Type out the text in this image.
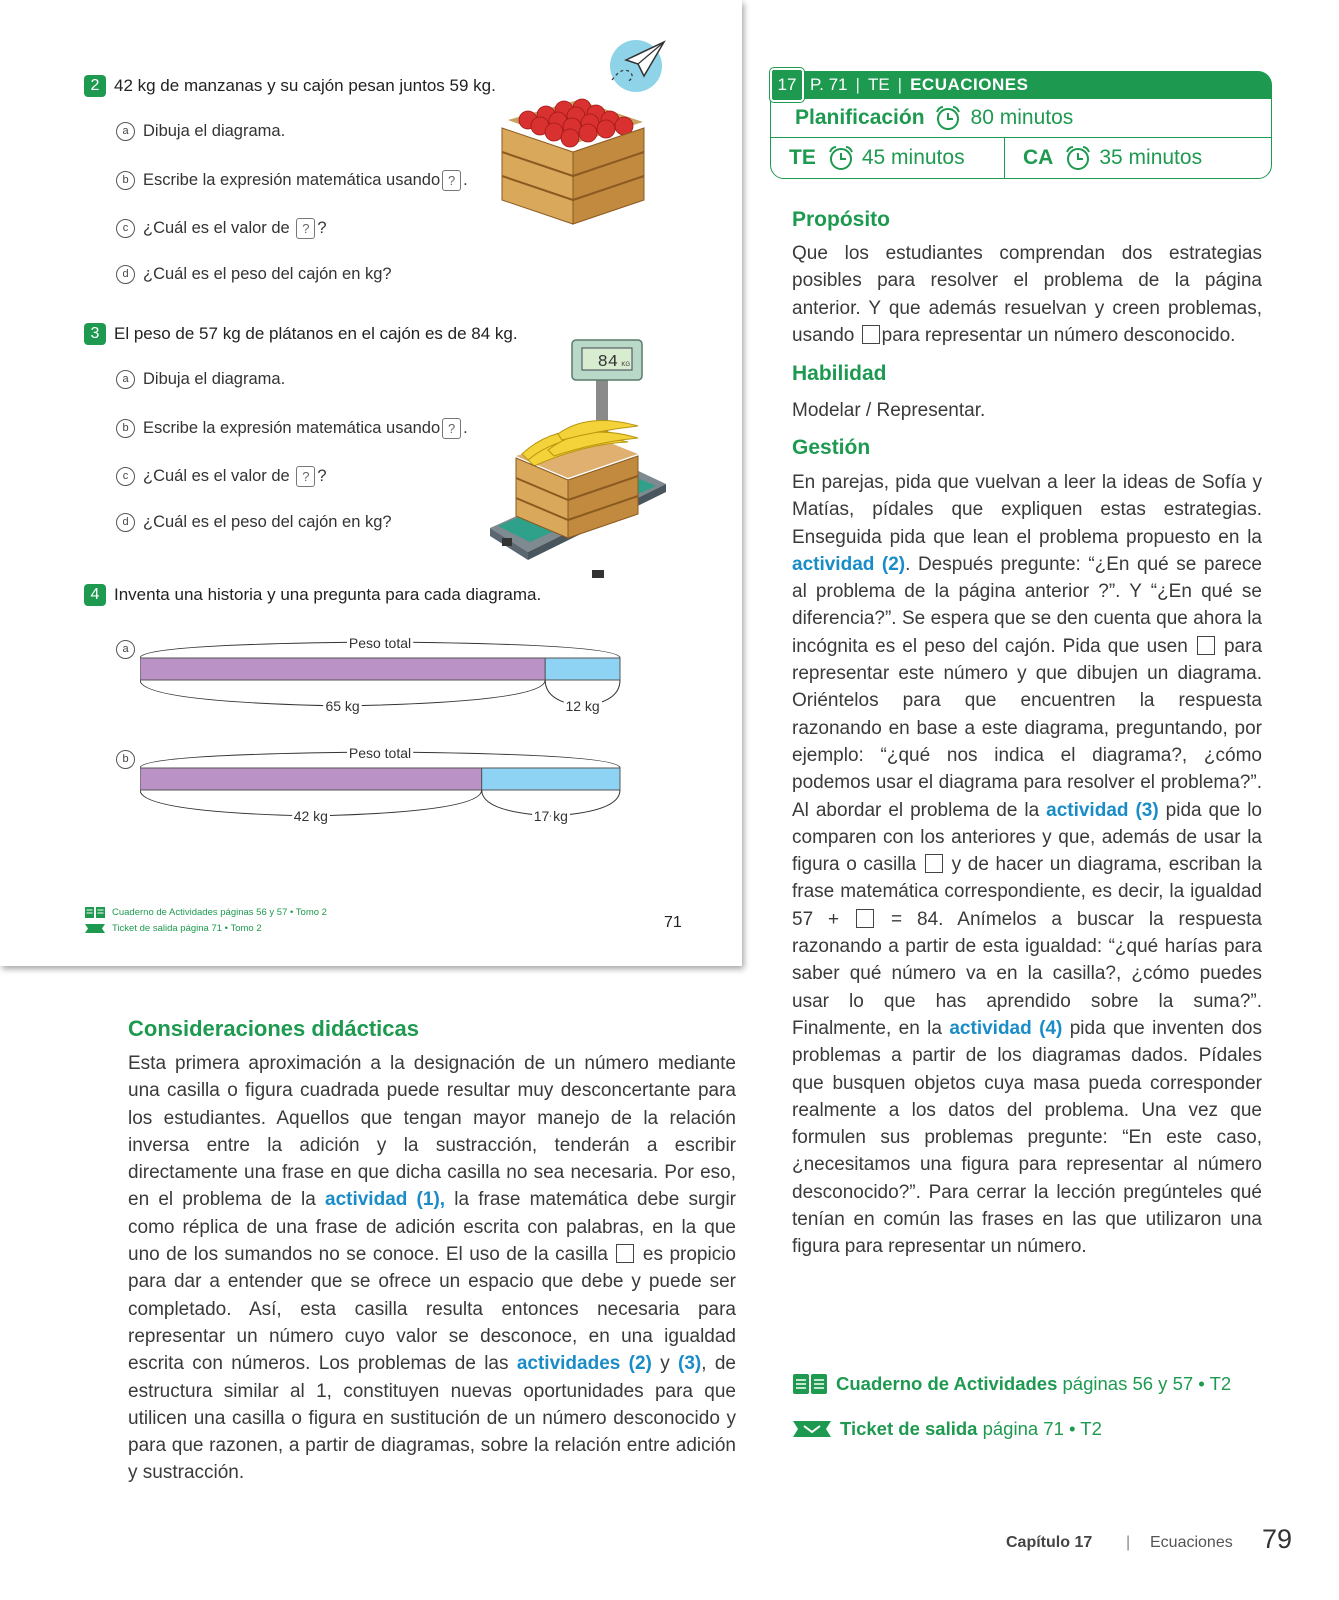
2 42 kg de manzanas y su cajón pesan juntos 59 kg.
a Dibuja el diagrama.
b Escribe la expresión matemática usando ? .
c ¿Cuál es el valor de ? ?
d ¿Cuál es el peso del cajón en kg?
3 El peso de 57 kg de plátanos en el cajón es de 84 kg.
a Dibuja el diagrama.
b Escribe la expresión matemática usando ? .
c ¿Cuál es el valor de ? ?
d ¿Cuál es el peso del cajón en kg?
84 KG
4 Inventa una historia y una pregunta para cada diagrama.
a	Peso total
65 kg	12 kg
b	Peso total
42 kg	17 kg
Cuaderno de Actividades páginas 56 y 57 • Tomo 2
Ticket de salida página 71 • Tomo 2	71
17 P. 71 | TE | ECUACIONES
Planificación 80 minutos
TE 45 minutos	CA 35 minutos
Propósito
Que los estudiantes comprendan dos estrategias posibles para resolver el problema de la página anterior. Y que además resuelvan y creen problemas, usando para representar un número desconocido.
Habilidad
Modelar / Representar.
Gestión
En parejas, pida que vuelvan a leer la ideas de Sofía y Matías, pídales que expliquen estas estrategias. Enseguida pida que lean el problema propuesto en la actividad (2). Después pregunte: “¿En qué se parece al problema de la página anterior ?”. Y “¿En qué se diferencia?”. Se espera que se den cuenta que ahora la incógnita es el peso del cajón. Pida que usen  para representar este número y que dibujen un diagrama. Oriéntelos para que encuentren la respuesta razonando en base a este diagrama, preguntando, por ejemplo: “¿qué nos indica el diagrama?, ¿cómo podemos usar el diagrama para resolver el problema?”. Al abordar el problema de la actividad (3) pida que lo comparen con los anteriores y que, además de usar la figura o casilla  y de hacer un diagrama, escriban la frase matemática correspondiente, es decir, la igualdad 57 +  = 84. Anímelos a buscar la respuesta razonando a partir de esta igualdad: “¿qué harías para saber qué número va en la casilla?, ¿cómo puedes usar lo que has aprendido sobre la suma?”. Finalmente, en la actividad (4) pida que inventen dos problemas a partir de los diagramas dados. Pídales que busquen objetos cuya masa pueda corresponder realmente a los datos del problema. Una vez que formulen sus problemas pregunte: “En este caso, ¿necesitamos una figura para representar al número desconocido?”. Para cerrar la lección pregúnteles qué tenían en común las frases en las que utilizaron una figura para representar un número.
Consideraciones didácticas
Esta primera aproximación a la designación de un número mediante una casilla o figura cuadrada puede resultar muy desconcertante para los estudiantes. Aquellos que tengan mayor manejo de la relación inversa entre la adición y la sustracción, tenderán a escribir directamente una frase en que dicha casilla no sea necesaria. Por eso, en el problema de la actividad (1), la frase matemática debe surgir como réplica de una frase de adición escrita con palabras, en la que uno de los sumandos no se conoce. El uso de la casilla  es propicio para dar a entender que se ofrece un espacio que debe y puede ser completado. Así, esta casilla resulta entonces necesaria para representar un número cuyo valor se desconoce, en una igualdad escrita con números. Los problemas de las actividades (2) y (3), de estructura similar al 1, constituyen nuevas oportunidades para que utilicen una casilla o figura en sustitución de un número desconocido y para que razonen, a partir de diagramas, sobre la relación entre adición y sustracción.
Cuaderno de Actividades páginas 56 y 57 • T2
Ticket de salida página 71 • T2
Capítulo 17 | Ecuaciones 79
